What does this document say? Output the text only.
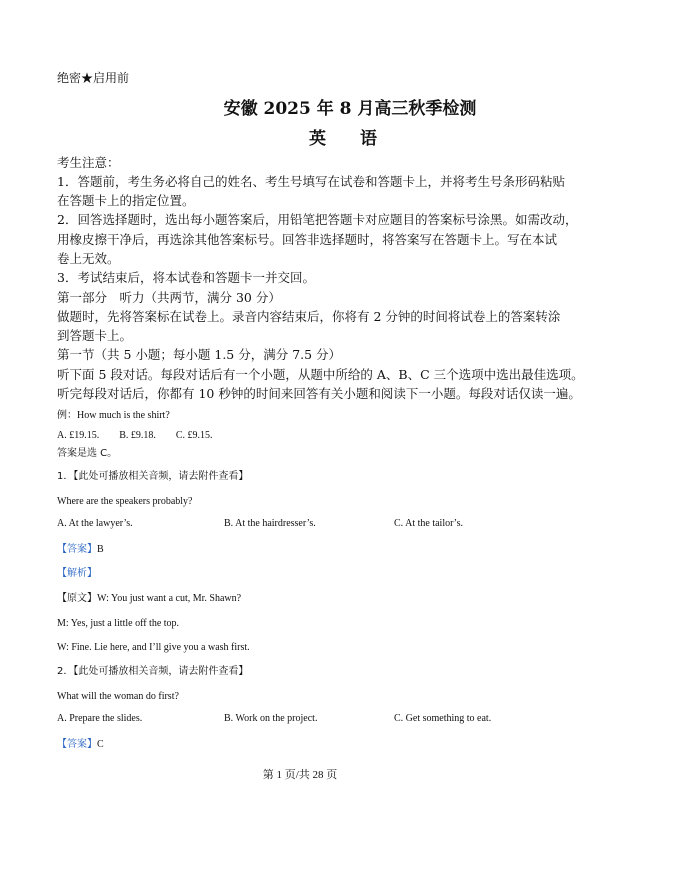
绝密★启用前
安徽 2025 年 8 月高三秋季检测
英 语
考生注意：
1．答题前，考生务必将自己的姓名、考生号填写在试卷和答题卡上，并将考生号条形码粘贴
在答题卡上的指定位置。
2．回答选择题时，选出每小题答案后，用铅笔把答题卡对应题目的答案标号涂黑。如需改动，
用橡皮擦干净后，再选涂其他答案标号。回答非选择题时，将答案写在答题卡上。写在本试
卷上无效。
3．考试结束后，将本试卷和答题卡一并交回。
第一部分　听力（共两节，满分 30 分）
做题时，先将答案标在试卷上。录音内容结束后，你将有 2 分钟的时间将试卷上的答案转涂
到答题卡上。
第一节（共 5 小题；每小题 1.5 分，满分 7.5 分）
听下面 5 段对话。每段对话后有一个小题，从题中所给的 A、B、C 三个选项中选出最佳选项。
听完每段对话后，你都有 10 秒钟的时间来回答有关小题和阅读下一小题。每段对话仅读一遍。
例：How much is the shirt?
A. £19.15.　　B. £9.18.　　C. £9.15.
答案是选 C。
1．【此处可播放相关音频，请去附件查看】
Where are the speakers probably?
A. At the lawyer’s.	B. At the hairdresser’s.	C. At the tailor’s.
【答案】B
【解析】
【原文】W: You just want a cut, Mr. Shawn?
M: Yes, just a little off the top.
W: Fine. Lie here, and I’ll give you a wash first.
2．【此处可播放相关音频，请去附件查看】
What will the woman do first?
A. Prepare the slides.	B. Work on the project.	C. Get something to eat.
【答案】C
第 1 页/共 28 页
